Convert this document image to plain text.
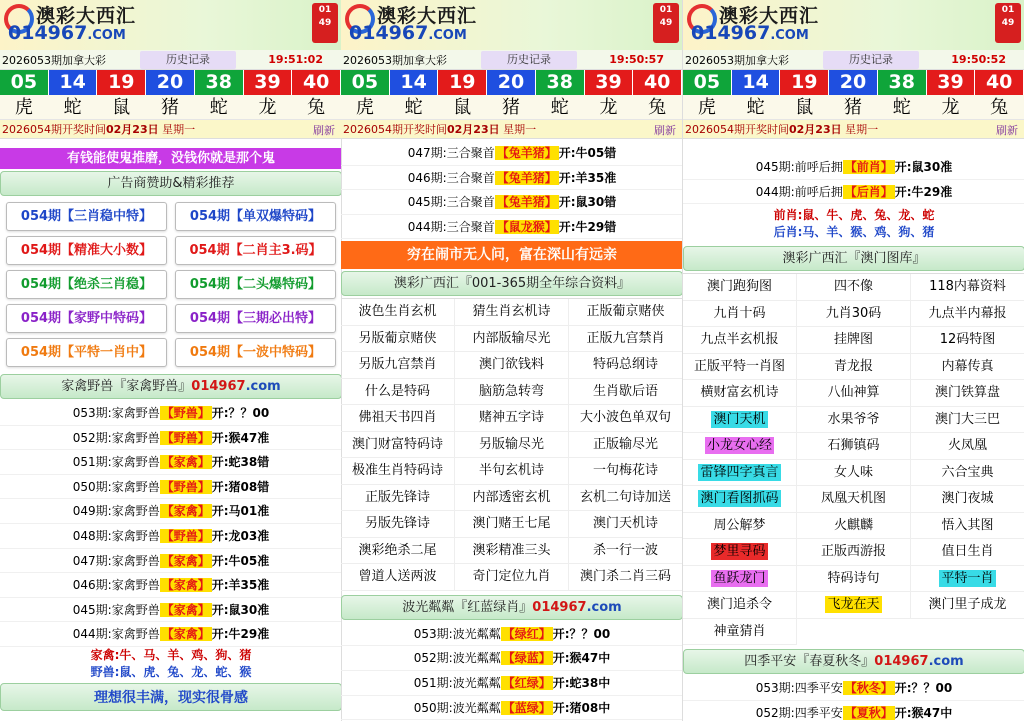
澳彩大西汇
014967.COM
01 49
2026053期加拿大彩	历史记录	19:51:02
05	14	19	20	38	39	40
虎	蛇	鼠	猪	蛇	龙	兔
2026054期开奖时间02月23日 星期一	刷新
有钱能使鬼推磨，没钱你就是那个鬼
广告商赞助&精彩推荐
054期【三肖稳中特】	054期【单双爆特码】
054期【精准大小数】	054期【二肖主3.码】
054期【绝杀三肖稳】	054期【二头爆特码】
054期【家野中特码】	054期【三期必出特】
054期【平特一肖中】	054期【一波中特码】
家禽野兽『家禽野兽』014967.com
053期:家禽野兽 【野兽】 开:？？00
052期:家禽野兽 【野兽】 开:猴47准
051期:家禽野兽 【家禽】 开:蛇38错
050期:家禽野兽 【野兽】 开:猪08错
049期:家禽野兽 【家禽】 开:马01准
048期:家禽野兽 【野兽】 开:龙03准
047期:家禽野兽 【家禽】 开:牛05准
046期:家禽野兽 【家禽】 开:羊35准
045期:家禽野兽 【家禽】 开:鼠30准
044期:家禽野兽 【家禽】 开:牛29准
家禽:牛、马、羊、鸡、狗、猪
野兽:鼠、虎、兔、龙、蛇、猴
理想很丰满，现实很骨感
澳彩大西汇
014967.COM
01 49
2026053期加拿大彩	历史记录	19:50:57
05	14	19	20	38	39	40
虎	蛇	鼠	猪	蛇	龙	兔
2026054期开奖时间02月23日 星期一	刷新
047期:三合聚首 【兔羊猪】 开:牛05错
046期:三合聚首 【兔羊猪】 开:羊35准
045期:三合聚首 【兔羊猪】 开:鼠30错
044期:三合聚首 【鼠龙猴】 开:牛29错
穷在闹市无人问，富在深山有远亲
澳彩广西汇『001-365期全年综合资料』
波色生肖玄机	猜生肖玄机诗	正版葡京赌侠
另版葡京赌侠	内部版输尽光	正版九宫禁肖
另版九宫禁肖	澳门欲钱料	特码总纲诗
什么是特码	脑筋急转弯	生肖歇后语
佛祖天书四肖	赌神五字诗	大小波色单双句
澳门财富特码诗	另版输尽光	正版输尽光
极准生肖特码诗	半句玄机诗	一句梅花诗
正版先锋诗	内部透密玄机	玄机二句诗加送
另版先锋诗	澳门赌王七尾	澳门天机诗
澳彩绝杀二尾	澳彩精准三头	杀一行一波
曾道人送两波	奇门定位九肖	澳门杀二肖三码
波光粼粼『红蓝绿肖』014967.com
053期:波光粼粼 【绿红】 开:？？00
052期:波光粼粼 【绿蓝】 开:猴47中
051期:波光粼粼 【红绿】 开:蛇38中
050期:波光粼粼 【蓝绿】 开:猪08中
澳彩大西汇
014967.COM
01 49
2026053期加拿大彩	历史记录	19:50:52
05	14	19	20	38	39	40
虎	蛇	鼠	猪	蛇	龙	兔
2026054期开奖时间02月23日 星期一	刷新
045期:前呼后拥 【前肖】 开:鼠30准
044期:前呼后拥 【后肖】 开:牛29准
前肖:鼠、牛、虎、兔、龙、蛇
后肖:马、羊、猴、鸡、狗、猪
澳彩广西汇『澳门图库』
澳门跑狗图	四不像	118内幕资料
九肖十码	九肖30码	九点半内幕报
九点半玄机报	挂牌图	12码特图
正版平特一肖图	青龙报	内幕传真
横财富玄机诗	八仙神算	澳门铁算盘
澳门天机	水果爷爷	澳门大三巴
小龙女心经	石狮镇码	火凤凰
雷锋四字真言	女人味	六合宝典
澳门看图抓码	凤凰天机图	澳门夜城
周公解梦	火麒麟	悟入其图
梦里寻码	正版西游报	值日生肖
鱼跃龙门	特码诗句	平特一肖
澳门追杀令	飞龙在天	澳门里子成龙
神童猜肖
四季平安『春夏秋冬』014967.com
053期:四季平安 【秋冬】 开:？？00
052期:四季平安 【夏秋】 开:猴47中
